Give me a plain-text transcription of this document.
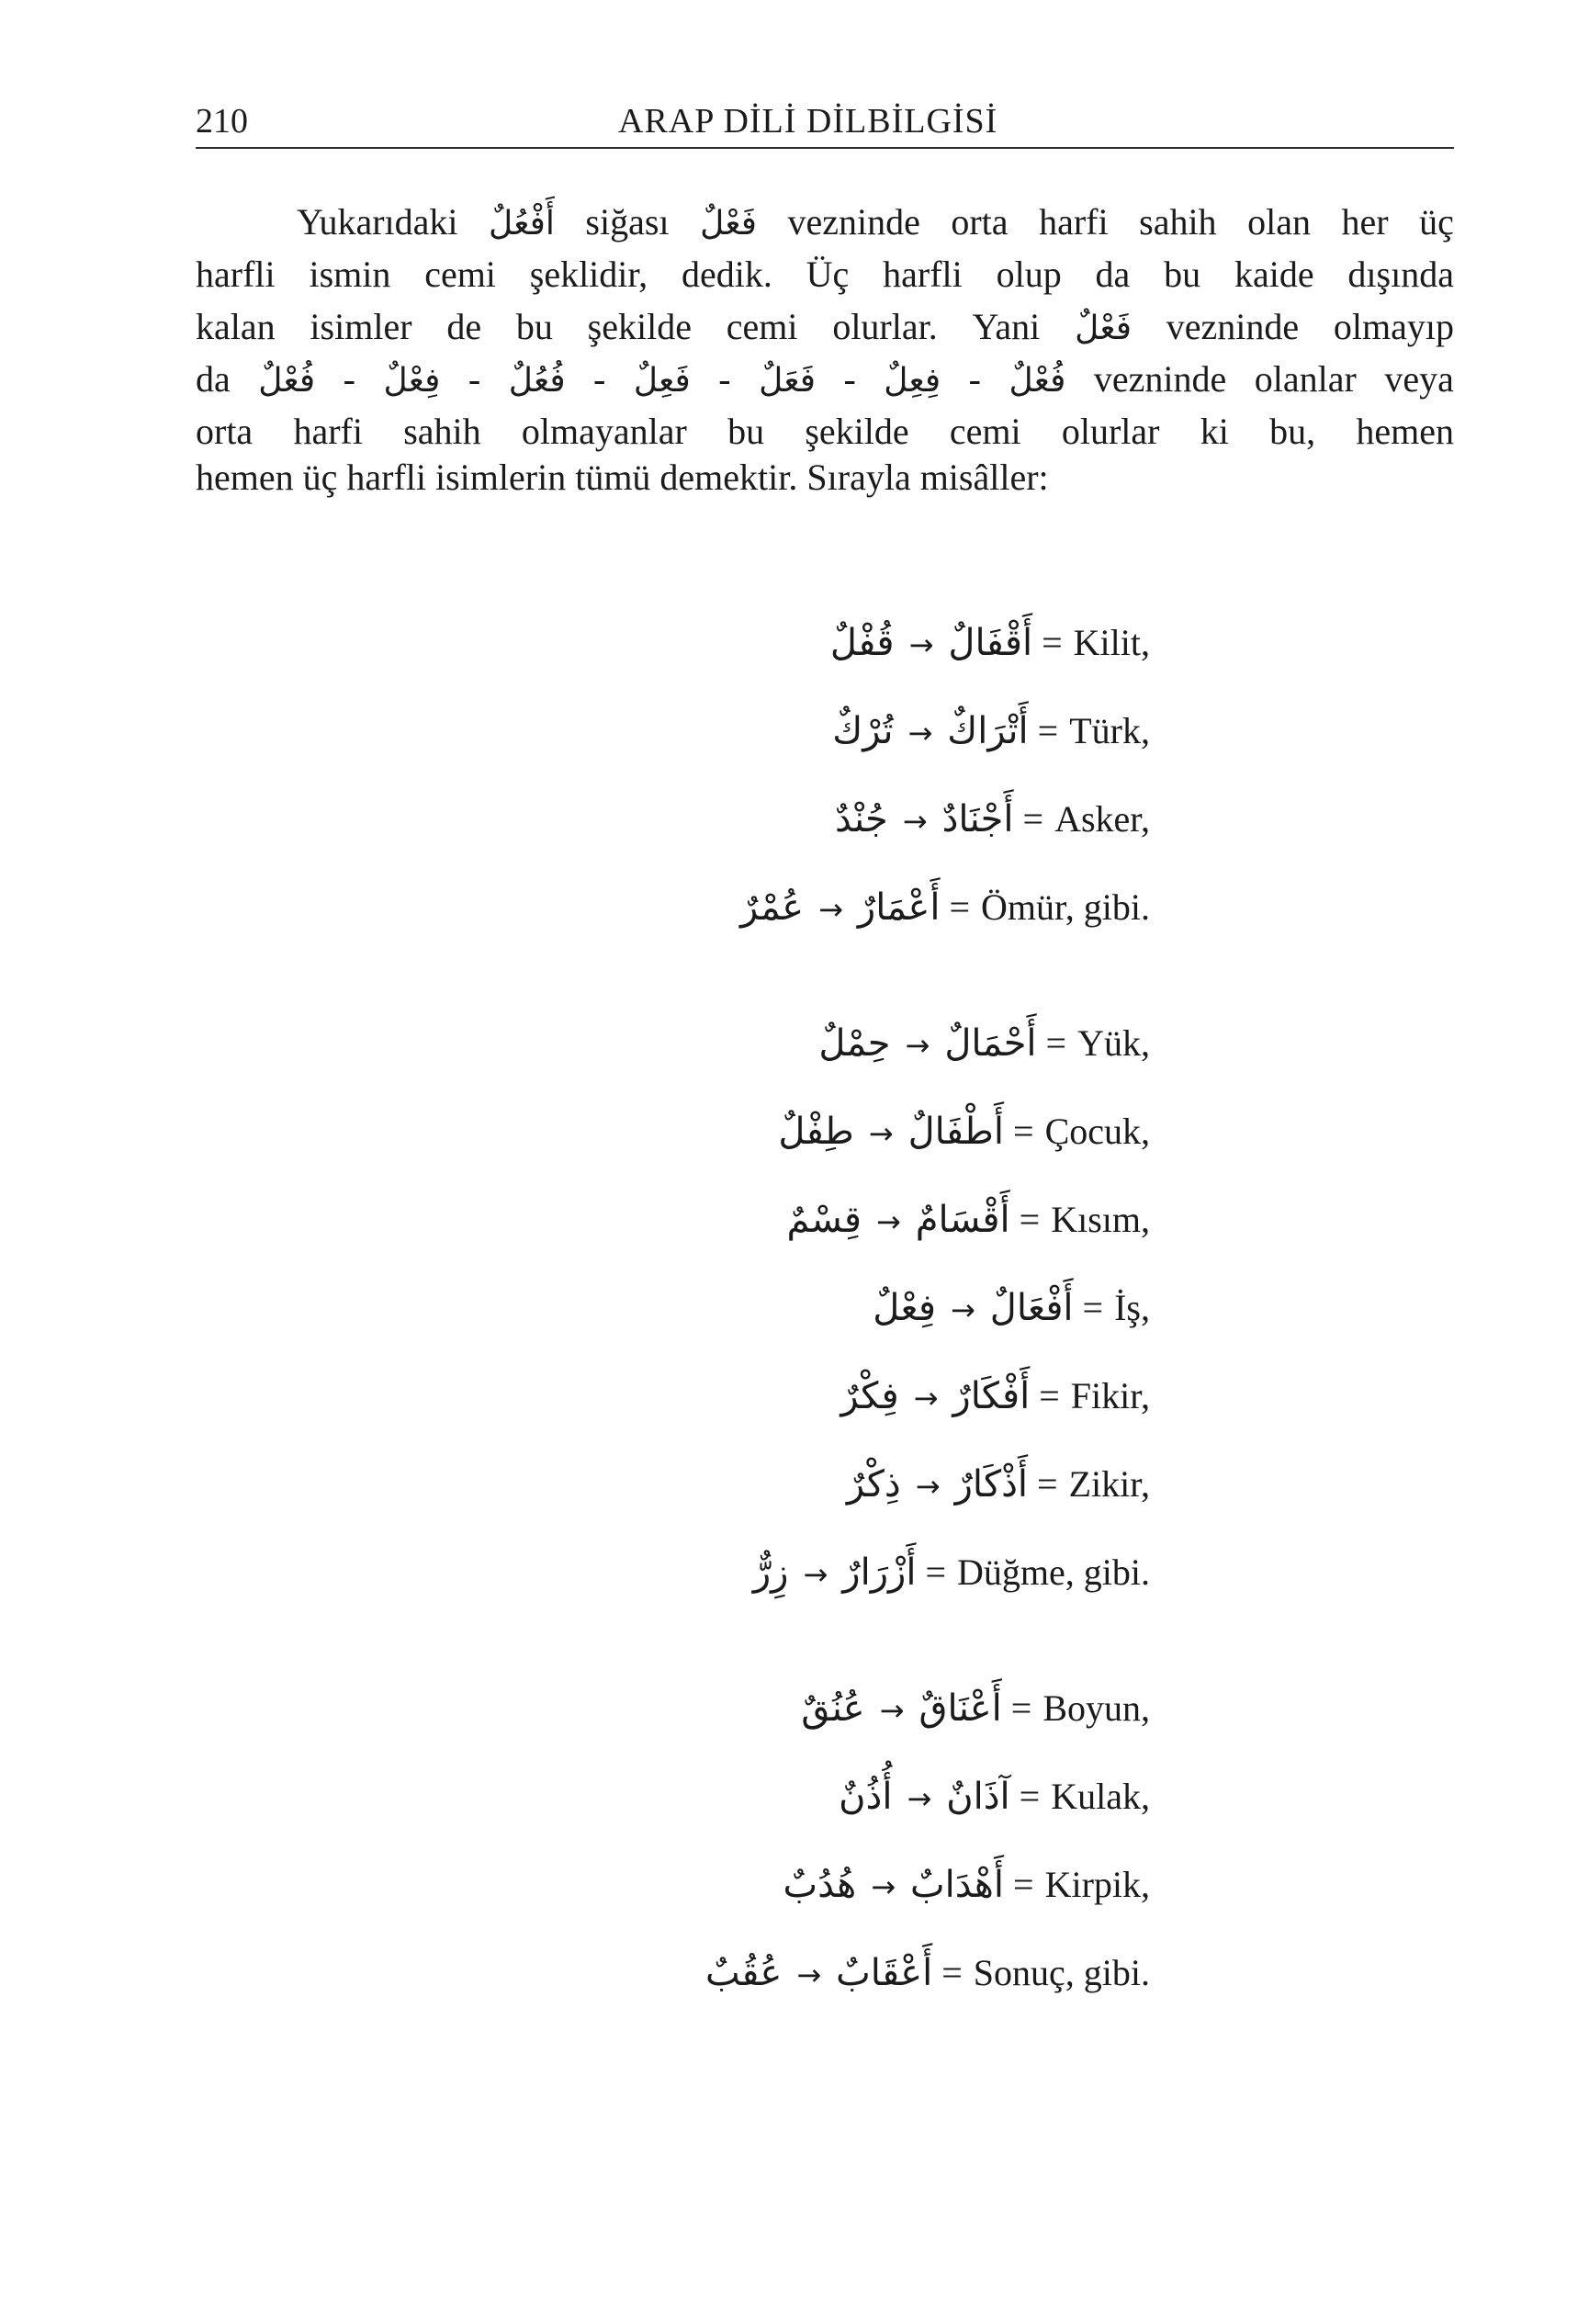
210	ARAP DİLİ DİLBİLGİSİ
Yukarıdaki أَفْعُلٌ siğası فَعْلٌ vezninde orta harfi sahih olan her üç
harfli ismin cemi şeklidir, dedik. Üç harfli olup da bu kaide dışında
kalan isimler de bu şekilde cemi olurlar. Yani فَعْلٌ vezninde olmayıp
da فُعْلٌ - فِعْلٌ - فُعُلٌ - فَعِلٌ - فَعَلٌ - فِعِلٌ - فُعْلٌ vezninde olanlar veya
orta harfi sahih olmayanlar bu şekilde cemi olurlar ki bu, hemen
hemen üç harfli isimlerin tümü demektir. Sırayla misâller:
قُفْلٌ → أَقْفَالٌ = Kilit,
تُرْكٌ → أَتْرَاكٌ = Türk,
جُنْدٌ → أَجْنَادٌ = Asker,
عُمْرٌ → أَعْمَارٌ = Ömür, gibi.
حِمْلٌ → أَحْمَالٌ = Yük,
طِفْلٌ → أَطْفَالٌ = Çocuk,
قِسْمٌ → أَقْسَامٌ = Kısım,
فِعْلٌ → أَفْعَالٌ = İş,
فِكْرٌ → أَفْكَارٌ = Fikir,
ذِكْرٌ → أَذْكَارٌ = Zikir,
زِرٌّ → أَزْرَارٌ = Düğme, gibi.
عُنُقٌ → أَعْنَاقٌ = Boyun,
أُذُنٌ → آذَانٌ = Kulak,
هُدُبٌ → أَهْدَابٌ = Kirpik,
عُقُبٌ → أَعْقَابٌ = Sonuç, gibi.
